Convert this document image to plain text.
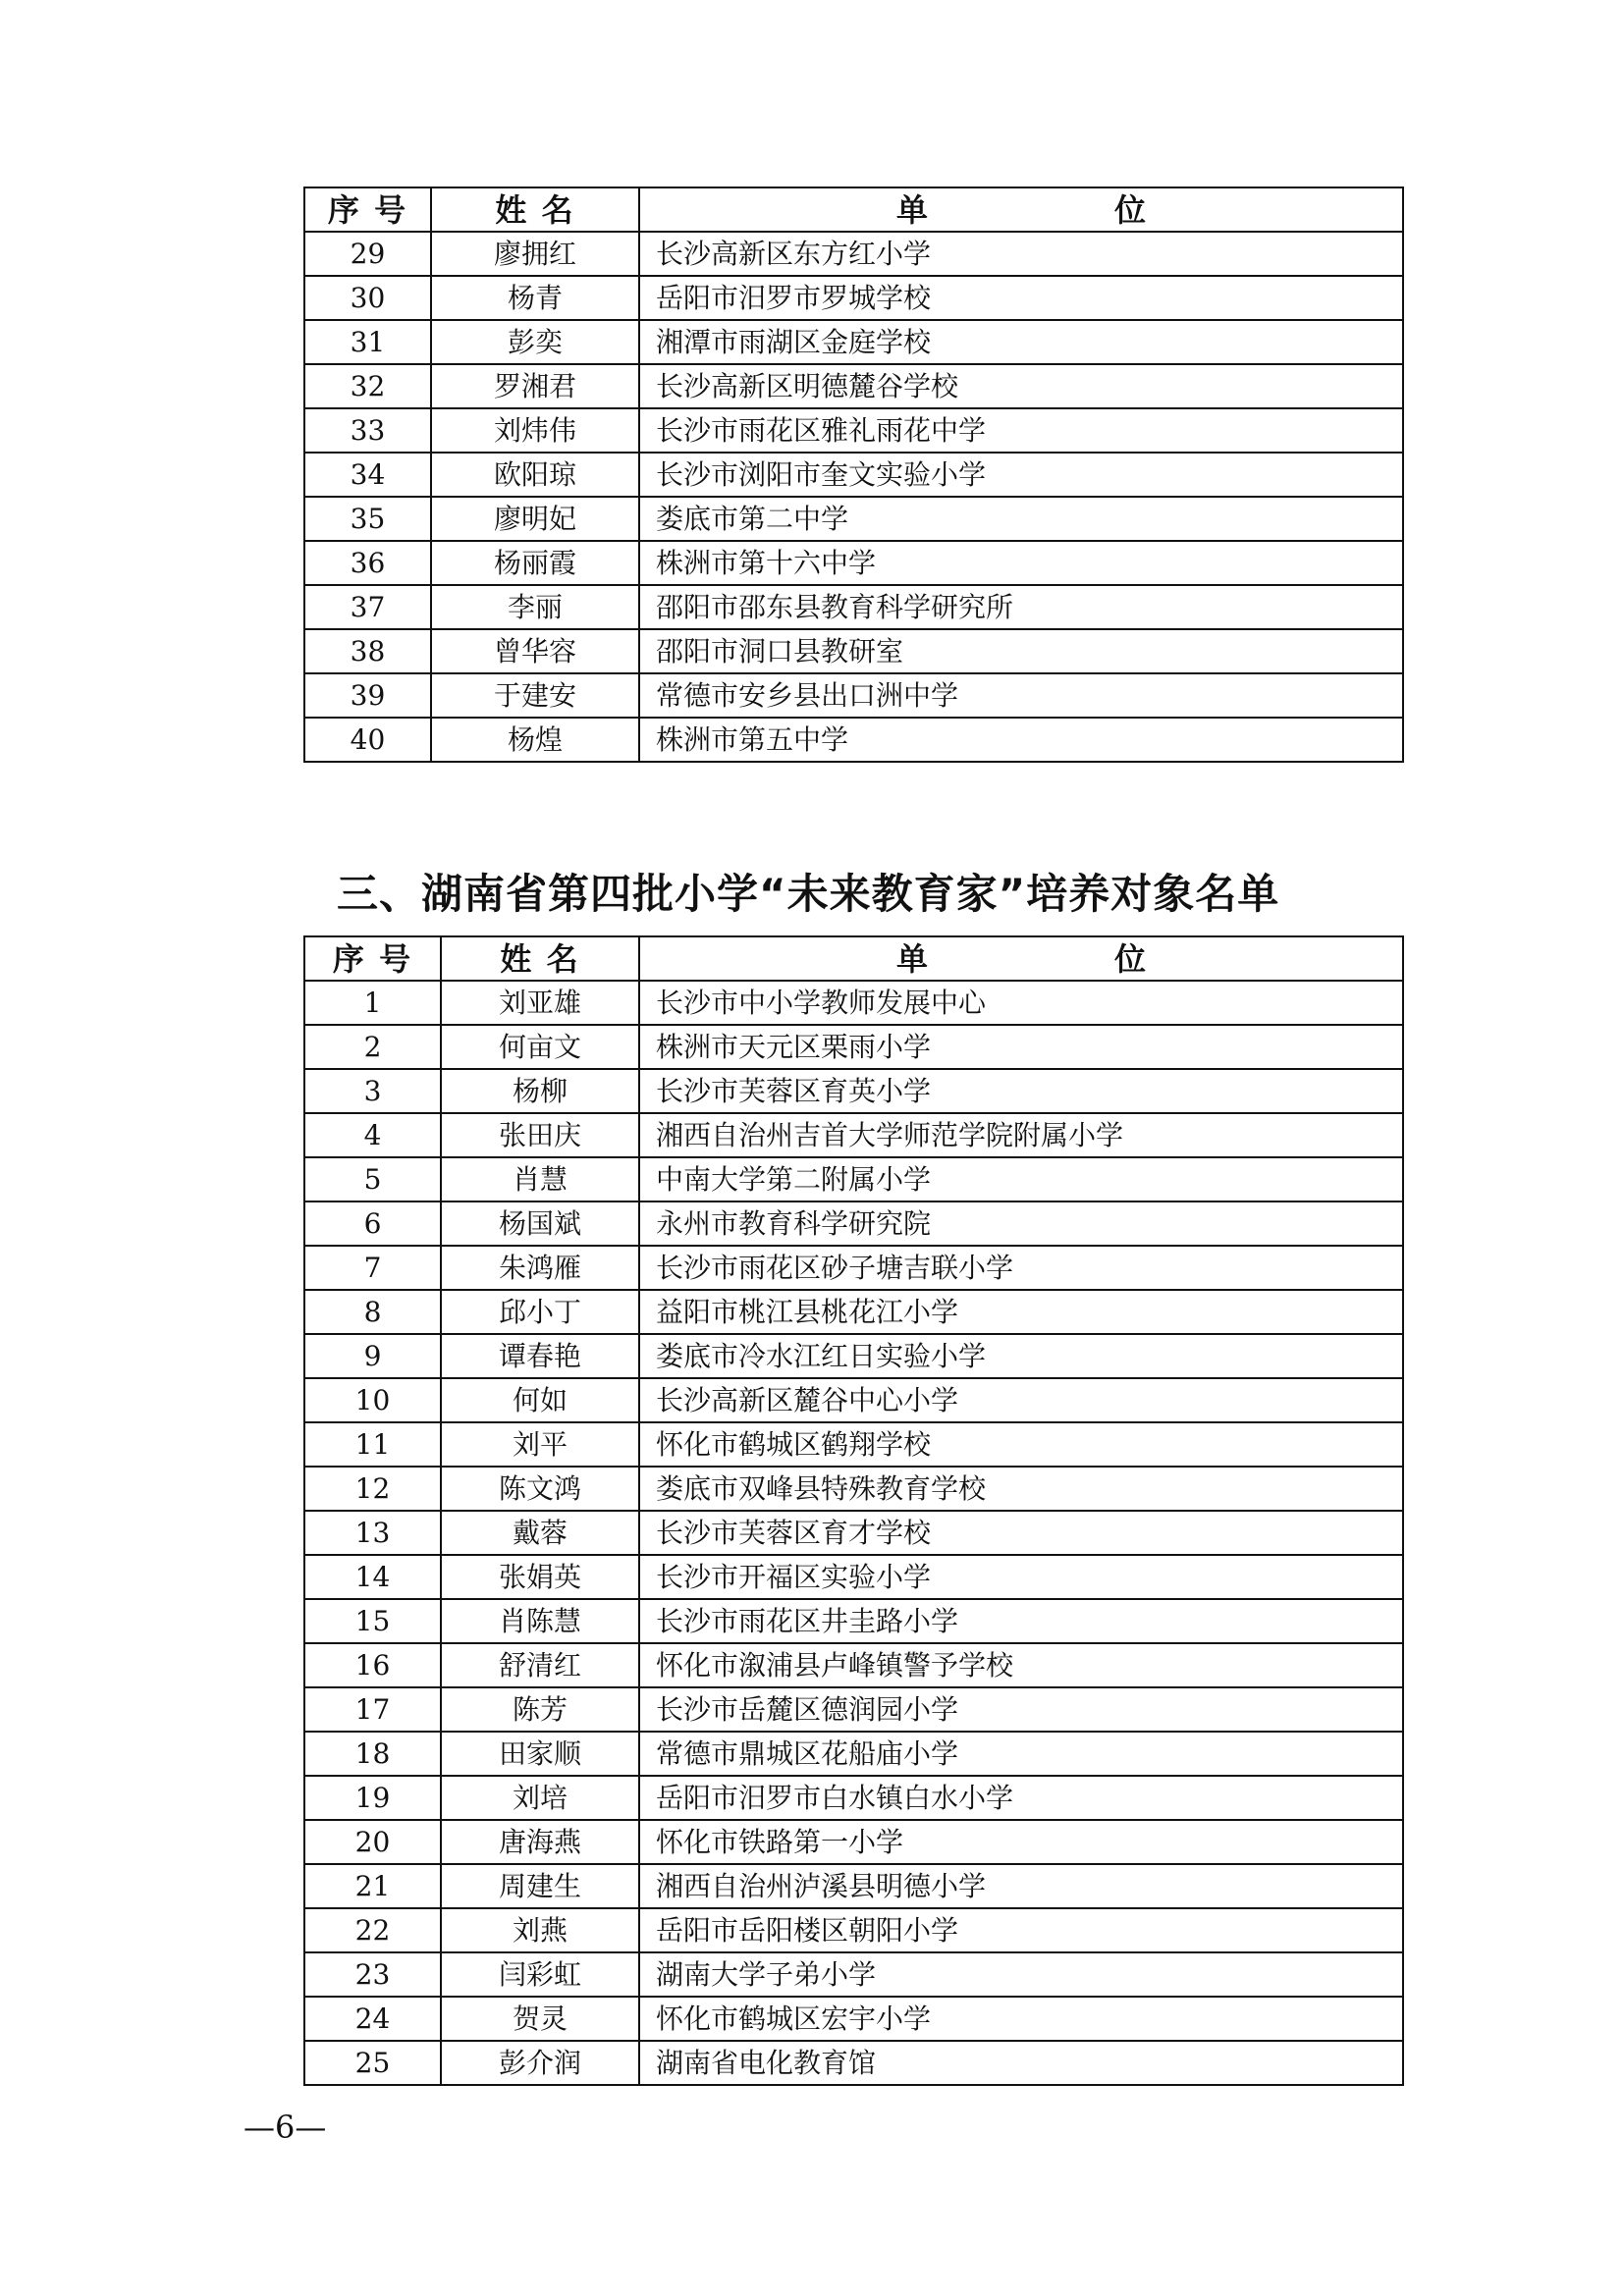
序 号	姓 名	单 位
29	廖拥红	长沙高新区东方红小学
30	杨青	岳阳市汨罗市罗城学校
31	彭奕	湘潭市雨湖区金庭学校
32	罗湘君	长沙高新区明德麓谷学校
33	刘炜伟	长沙市雨花区雅礼雨花中学
34	欧阳琼	长沙市浏阳市奎文实验小学
35	廖明妃	娄底市第二中学
36	杨丽霞	株洲市第十六中学
37	李丽	邵阳市邵东县教育科学研究所
38	曾华容	邵阳市洞口县教研室
39	于建安	常德市安乡县出口洲中学
40	杨煌	株洲市第五中学
三、湖南省第四批小学“未来教育家”培养对象名单
序 号	姓 名	单 位
1	刘亚雄	长沙市中小学教师发展中心
2	何亩文	株洲市天元区栗雨小学
3	杨柳	长沙市芙蓉区育英小学
4	张田庆	湘西自治州吉首大学师范学院附属小学
5	肖慧	中南大学第二附属小学
6	杨国斌	永州市教育科学研究院
7	朱鸿雁	长沙市雨花区砂子塘吉联小学
8	邱小丁	益阳市桃江县桃花江小学
9	谭春艳	娄底市冷水江红日实验小学
10	何如	长沙高新区麓谷中心小学
11	刘平	怀化市鹤城区鹤翔学校
12	陈文鸿	娄底市双峰县特殊教育学校
13	戴蓉	长沙市芙蓉区育才学校
14	张娟英	长沙市开福区实验小学
15	肖陈慧	长沙市雨花区井圭路小学
16	舒清红	怀化市溆浦县卢峰镇警予学校
17	陈芳	长沙市岳麓区德润园小学
18	田家顺	常德市鼎城区花船庙小学
19	刘培	岳阳市汨罗市白水镇白水小学
20	唐海燕	怀化市铁路第一小学
21	周建生	湘西自治州泸溪县明德小学
22	刘燕	岳阳市岳阳楼区朝阳小学
23	闫彩虹	湖南大学子弟小学
24	贺灵	怀化市鹤城区宏宇小学
25	彭介润	湖南省电化教育馆
—6—
